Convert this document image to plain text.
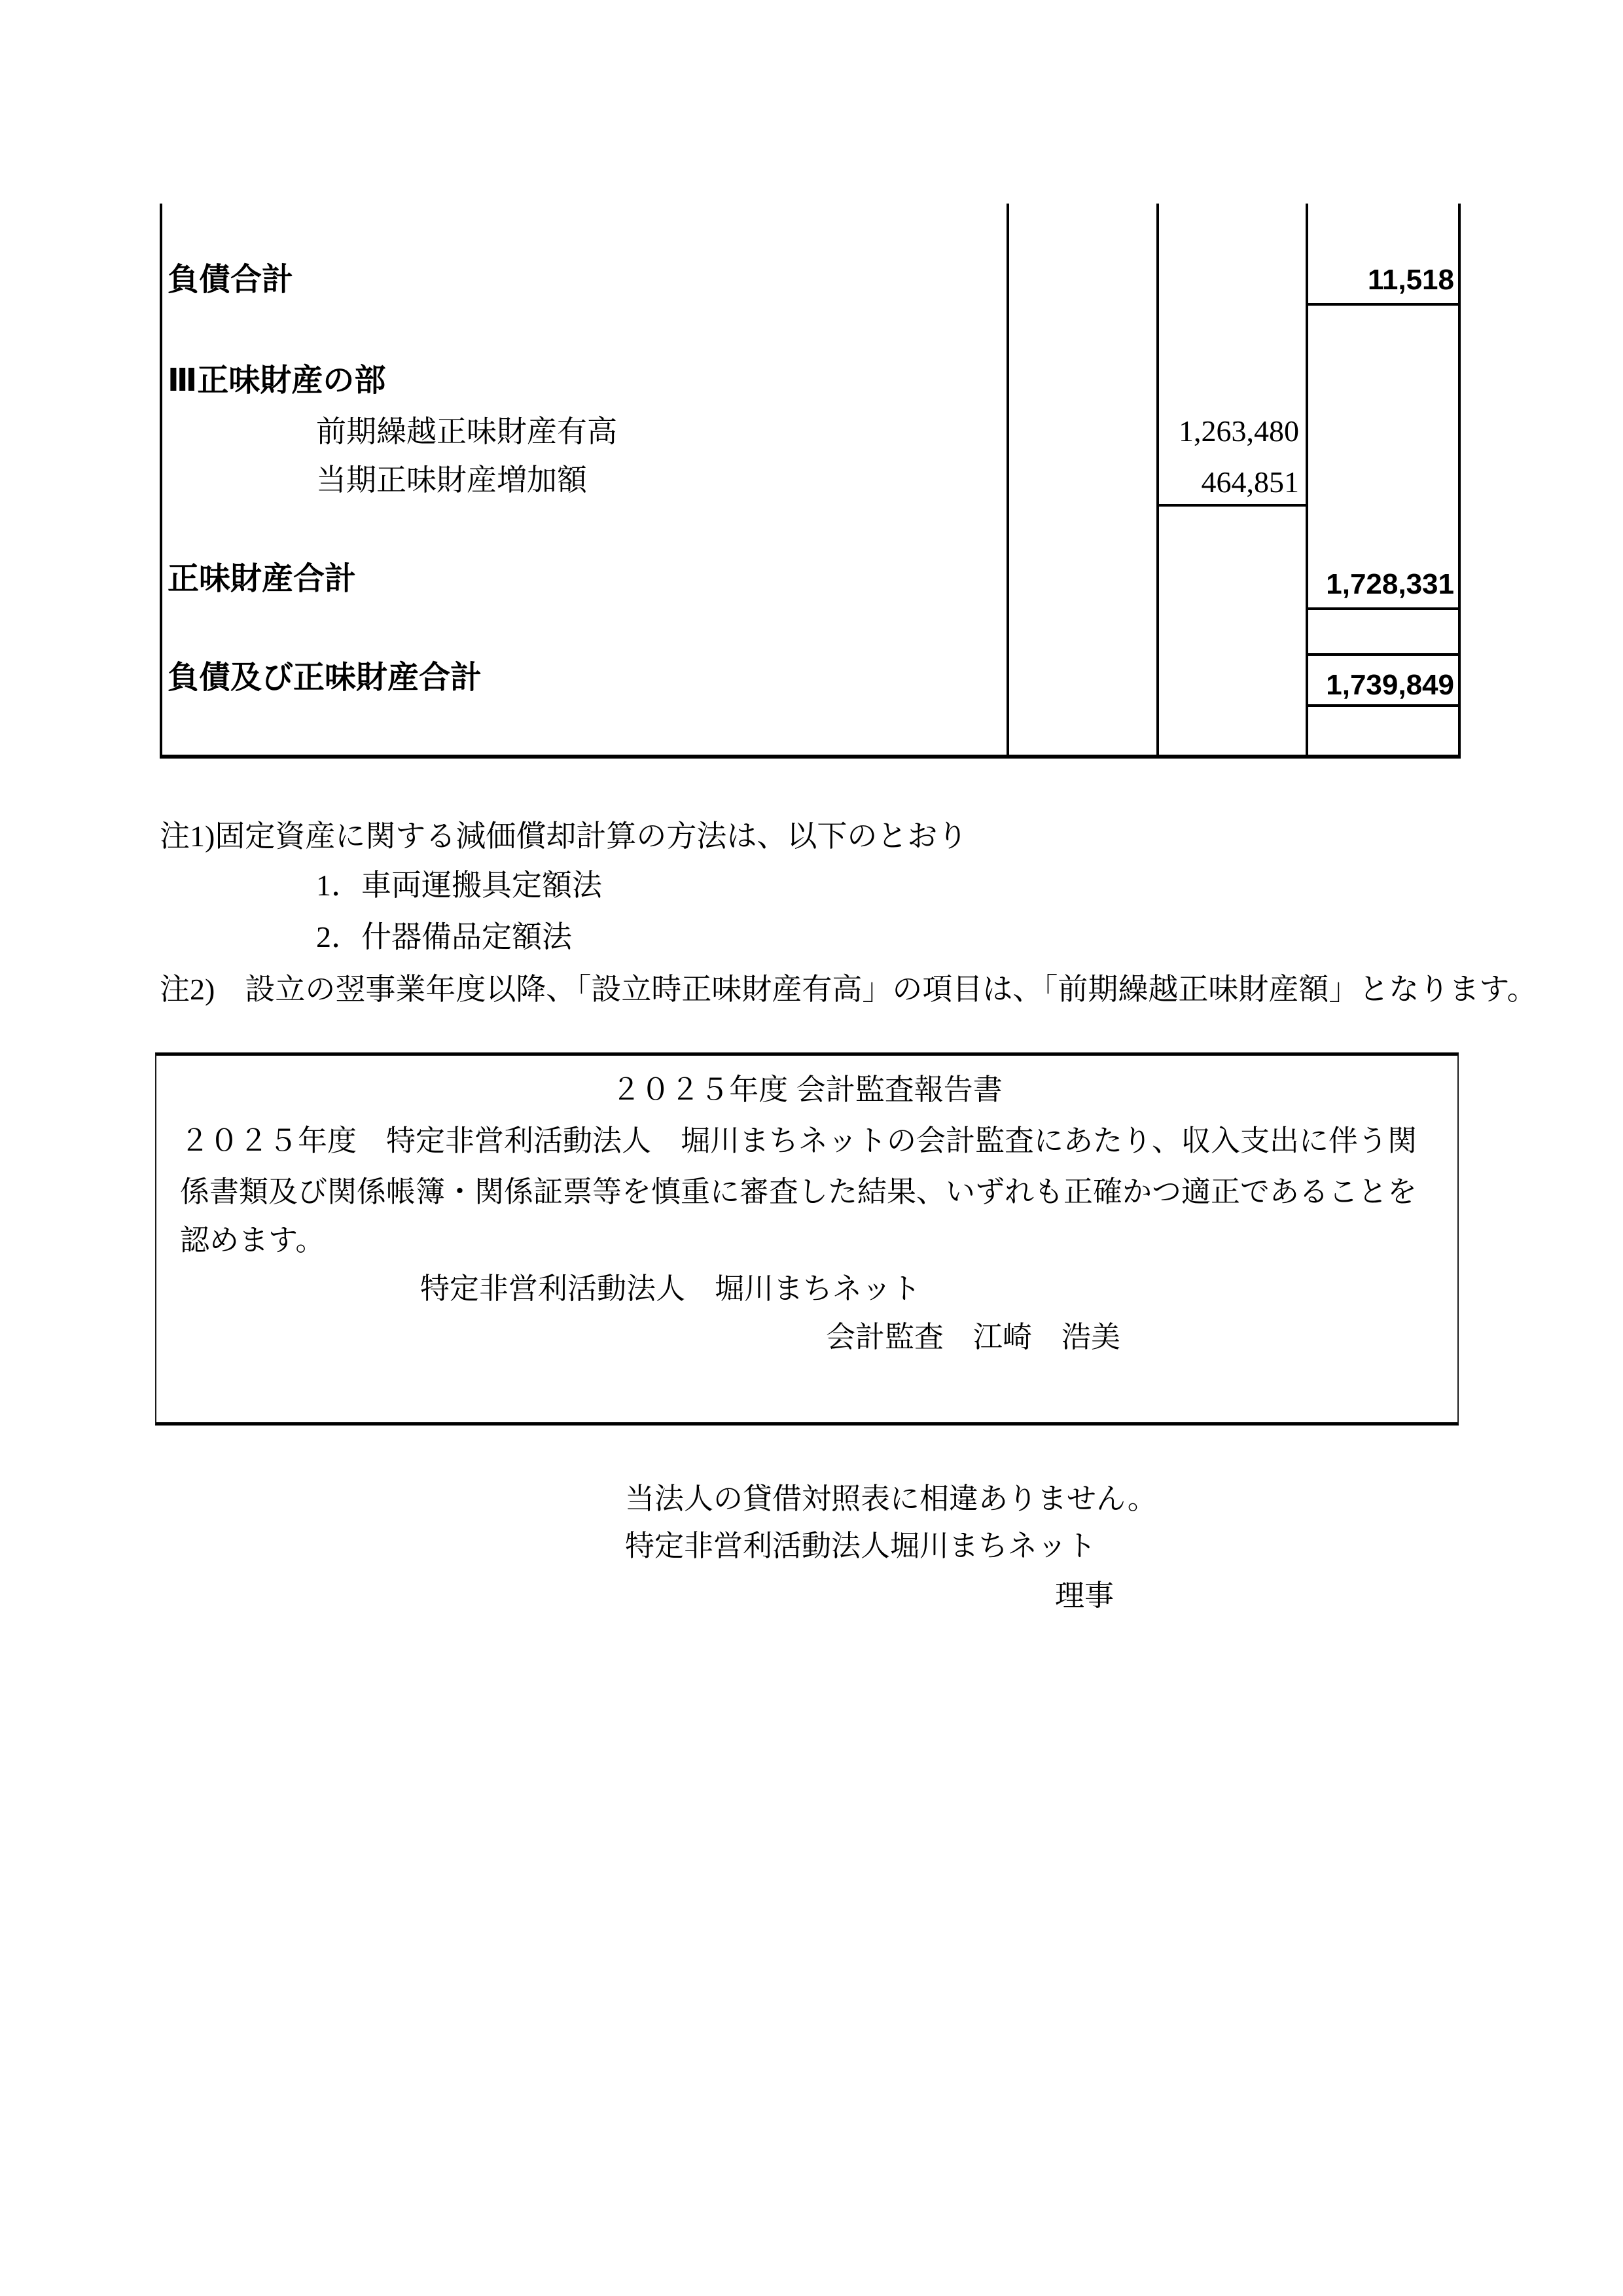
負債合計	11,518
Ⅲ正味財産の部
前期繰越正味財産有高	1,263,480
当期正味財産増加額	464,851
正味財産合計	1,728,331
負債及び正味財産合計	1,739,849
注1)固定資産に関する減価償却計算の方法は、以下のとおり
1．車両運搬具定額法
2．什器備品定額法
注2)　設立の翌事業年度以降、「設立時正味財産有高」の項目は、「前期繰越正味財産額」となります。
２０２５年度 会計監査報告書
２０２５年度　特定非営利活動法人　堀川まちネットの会計監査にあたり、収入支出に伴う関
係書類及び関係帳簿・関係証票等を慎重に審査した結果、いずれも正確かつ適正であることを
認めます。
特定非営利活動法人　堀川まちネット
会計監査　江崎　浩美
当法人の貸借対照表に相違ありません。
特定非営利活動法人堀川まちネット
理事
